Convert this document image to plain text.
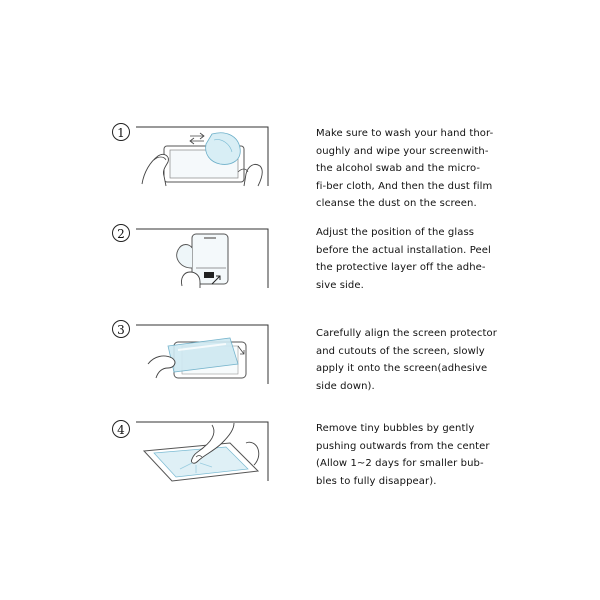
1	Make sure to wash your hand thor-
oughly and wipe your screenwith-
the alcohol swab and the micro-
fi-ber cloth, And then the dust film
cleanse the dust on the screen.
2	Adjust the position of the glass
before the actual installation. Peel
the protective layer off the adhe-
sive side.
3	Carefully align the screen protector
and cutouts of the screen, slowly
apply it onto the screen(adhesive
side down).
4	Remove tiny bubbles by gently
pushing outwards from the center
(Allow 1~2 days for smaller bub-
bles to fully disappear).
